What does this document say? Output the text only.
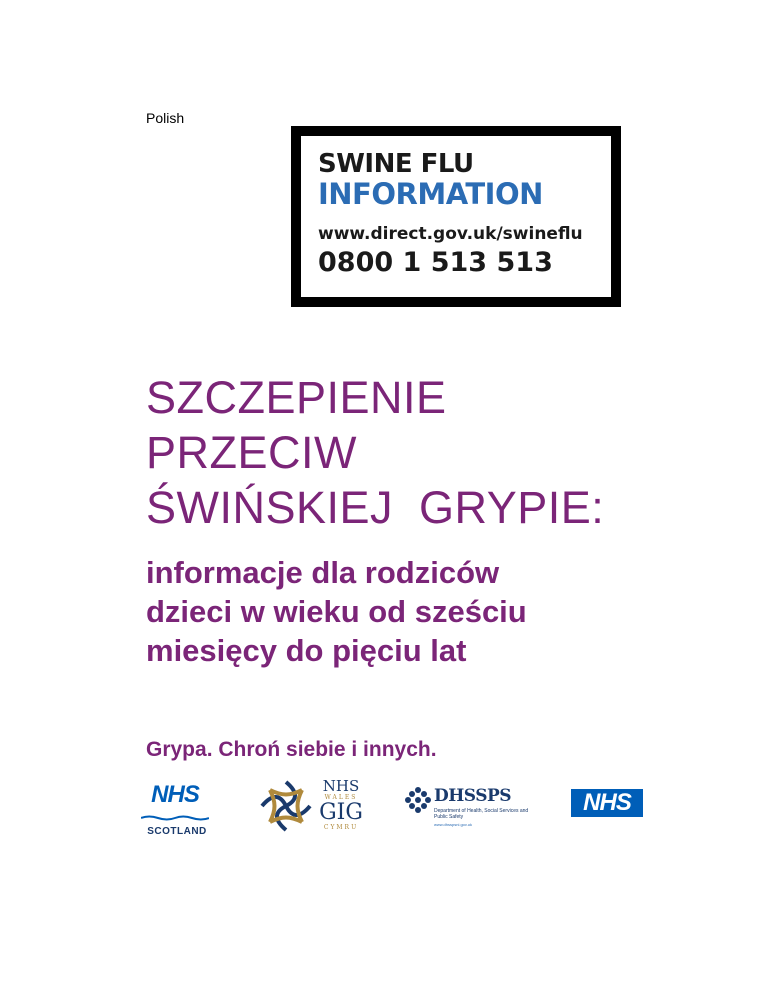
Polish
SWINE FLU
INFORMATION
www.direct.gov.uk/swineflu
0800 1 513 513
SZCZEPIENIE
PRZECIW
ŚWIŃSKIEJ  GRYPIE:
informacje dla rodziców
dzieci w wieku od sześciu
miesięcy do pięciu lat
Grypa. Chroń siebie i innych.
NHS
SCOTLAND
NHS
WALES
GIG
CYMRU
DHSSPS
Department of Health, Social Services and Public Safety
www.dhsspsni.gov.uk
NHS
